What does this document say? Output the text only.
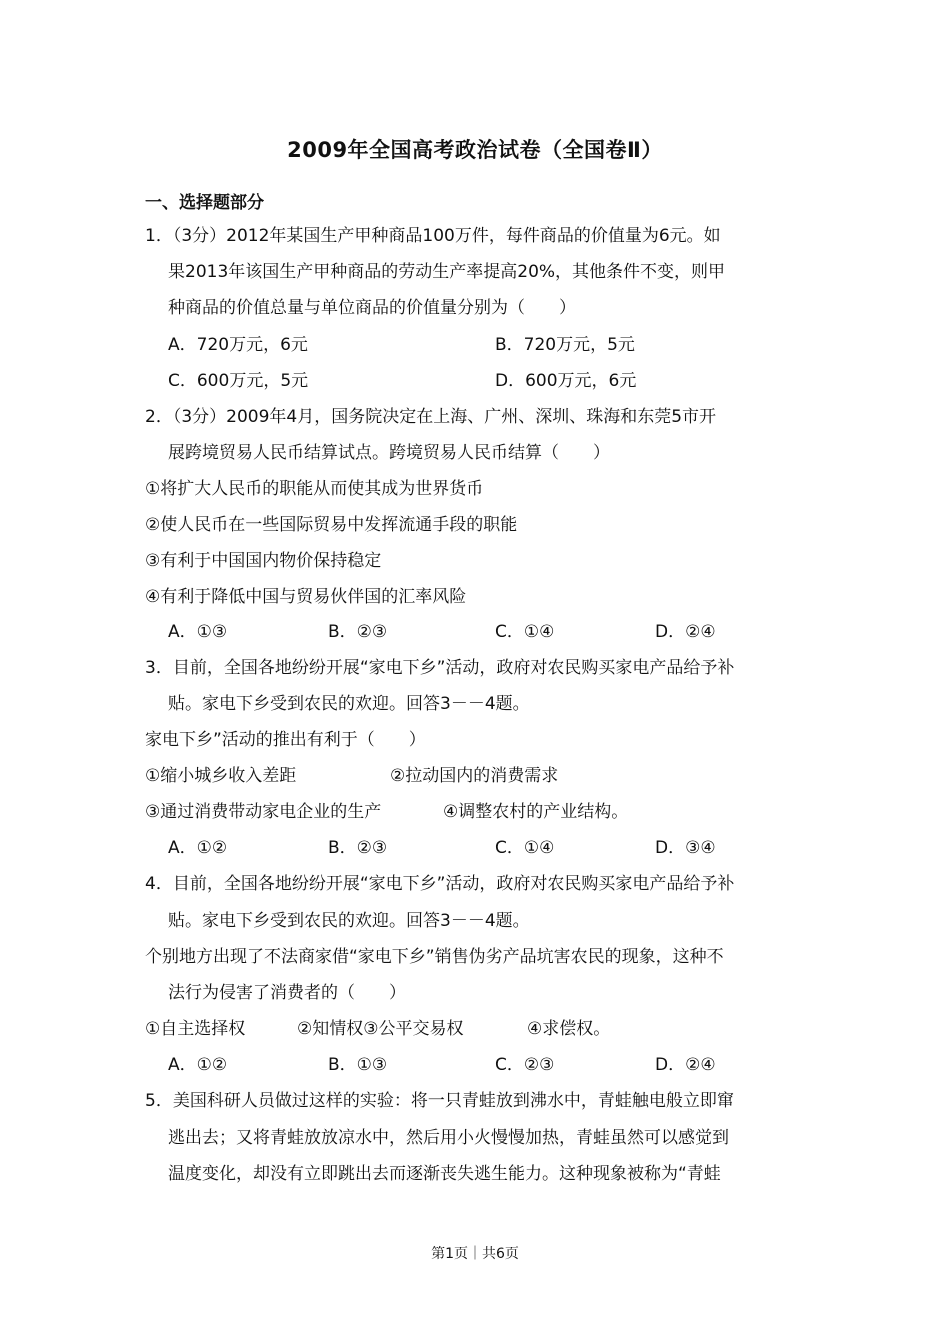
2009年全国高考政治试卷（全国卷Ⅱ）
一、选择题部分
1．（3分）2012年某国生产甲种商品100万件，每件商品的价值量为6元。如
果2013年该国生产甲种商品的劳动生产率提高20%，其他条件不变，则甲
种商品的价值总量与单位商品的价值量分别为（　　）
A．720万元，6元	B．720万元，5元
C．600万元，5元	D．600万元，6元
2．（3分）2009年4月，国务院决定在上海、广州、深圳、珠海和东莞5市开
展跨境贸易人民币结算试点。跨境贸易人民币结算（　　）
①将扩大人民币的职能从而使其成为世界货币
②使人民币在一些国际贸易中发挥流通手段的职能
③有利于中国国内物价保持稳定
④有利于降低中国与贸易伙伴国的汇率风险
A．①③	B．②③	C．①④	D．②④
3．目前，全国各地纷纷开展“家电下乡”活动，政府对农民购买家电产品给予补
贴。家电下乡受到农民的欢迎。回答3－－4题。
家电下乡”活动的推出有利于（　　）
①缩小城乡收入差距	②拉动国内的消费需求
③通过消费带动家电企业的生产	④调整农村的产业结构。
A．①②	B．②③	C．①④	D．③④
4．目前，全国各地纷纷开展“家电下乡”活动，政府对农民购买家电产品给予补
贴。家电下乡受到农民的欢迎。回答3－－4题。
个别地方出现了不法商家借“家电下乡”销售伪劣产品坑害农民的现象，这种不
法行为侵害了消费者的（　　）
①自主选择权	②知情权③公平交易权	④求偿权。
A．①②	B．①③	C．②③	D．②④
5．美国科研人员做过这样的实验：将一只青蛙放到沸水中，青蛙触电般立即窜
逃出去；又将青蛙放放凉水中，然后用小火慢慢加热，青蛙虽然可以感觉到
温度变化，却没有立即跳出去而逐渐丧失逃生能力。这种现象被称为“青蛙
第1页｜共6页
